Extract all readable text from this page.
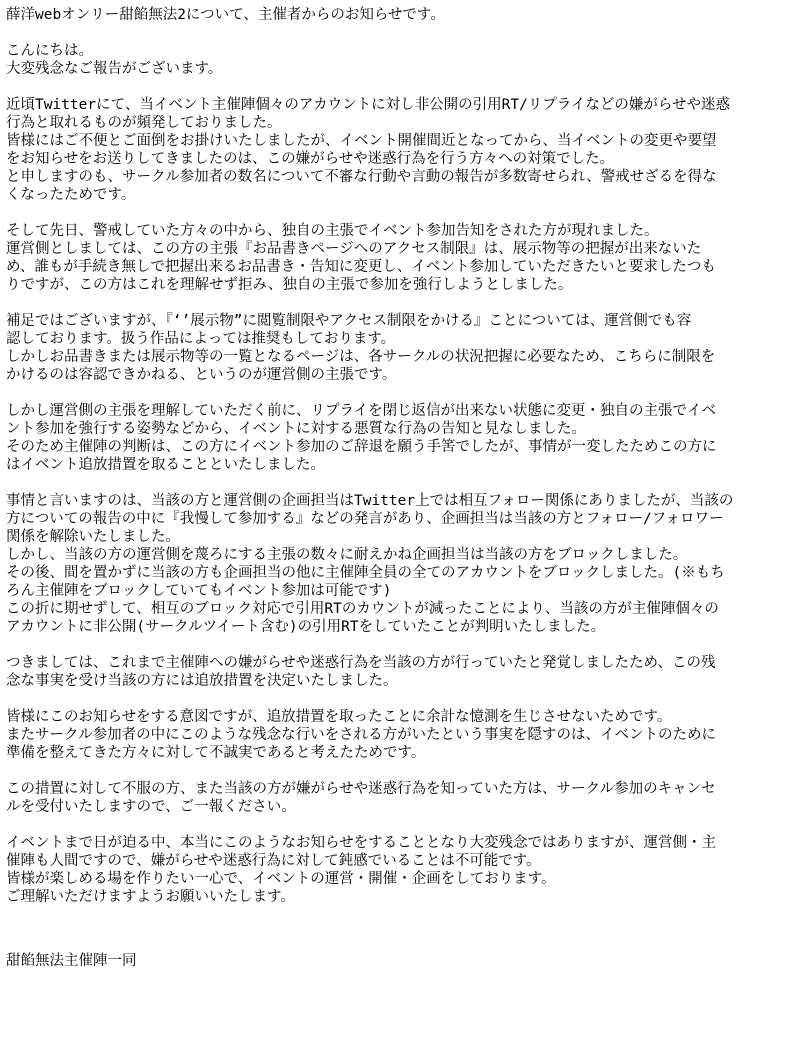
薛洋webオンリー甜餡無法2について、主催者からのお知らせです。
こんにちは。
大変残念なご報告がございます。
近頃Twitterにて、当イベント主催陣個々のアカウントに対し非公開の引用RT/リプライなどの嫌がらせや迷惑
行為と取れるものが頻発しておりました。
皆様にはご不便とご面倒をお掛けいたしましたが、イベント開催間近となってから、当イベントの変更や要望
をお知らせをお送りしてきましたのは、この嫌がらせや迷惑行為を行う方々への対策でした。
と申しますのも、サークル参加者の数名について不審な行動や言動の報告が多数寄せられ、警戒せざるを得な
くなったためです。
そして先日、警戒していた方々の中から、独自の主張でイベント参加告知をされた方が現れました。
運営側としましては、この方の主張『お品書きページへのアクセス制限』は、展示物等の把握が出来ないた
め、誰もが手続き無しで把握出来るお品書き・告知に変更し、イベント参加していただきたいと要求したつも
りですが、この方はこれを理解せず拒み、独自の主張で参加を強行しようとしました。
補足ではございますが、『‘’展示物”に閲覧制限やアクセス制限をかける』ことについては、運営側でも容
認しております。扱う作品によっては推奨もしております。
しかしお品書きまたは展示物等の一覧となるページは、各サークルの状況把握に必要なため、こちらに制限を
かけるのは容認できかねる、というのが運営側の主張です。
しかし運営側の主張を理解していただく前に、リプライを閉じ返信が出来ない状態に変更・独自の主張でイベ
ント参加を強行する姿勢などから、イベントに対する悪質な行為の告知と見なしました。
そのため主催陣の判断は、この方にイベント参加のご辞退を願う手筈でしたが、事情が一変したためこの方に
はイベント追放措置を取ることといたしました。
事情と言いますのは、当該の方と運営側の企画担当はTwitter上では相互フォロー関係にありましたが、当該の
方についての報告の中に『我慢して参加する』などの発言があり、企画担当は当該の方とフォロー/フォロワー
関係を解除いたしました。
しかし、当該の方の運営側を蔑ろにする主張の数々に耐えかね企画担当は当該の方をブロックしました。
その後、間を置かずに当該の方も企画担当の他に主催陣全員の全てのアカウントをブロックしました。(※もち
ろん主催陣をブロックしていてもイベント参加は可能です)
この折に期せずして、相互のブロック対応で引用RTのカウントが減ったことにより、当該の方が主催陣個々の
アカウントに非公開(サークルツイート含む)の引用RTをしていたことが判明いたしました。
つきましては、これまで主催陣への嫌がらせや迷惑行為を当該の方が行っていたと発覚しましたため、この残
念な事実を受け当該の方には追放措置を決定いたしました。
皆様にこのお知らせをする意図ですが、追放措置を取ったことに余計な憶測を生じさせないためです。
またサークル参加者の中にこのような残念な行いをされる方がいたという事実を隠すのは、イベントのために
準備を整えてきた方々に対して不誠実であると考えたためです。
この措置に対して不服の方、また当該の方が嫌がらせや迷惑行為を知っていた方は、サークル参加のキャンセ
ルを受付いたしますので、ご一報ください。
イベントまで日が迫る中、本当にこのようなお知らせをすることとなり大変残念ではありますが、運営側・主
催陣も人間ですので、嫌がらせや迷惑行為に対して鈍感でいることは不可能です。
皆様が楽しめる場を作りたい一心で、イベントの運営・開催・企画をしております。
ご理解いただけますようお願いいたします。
甜餡無法主催陣一同
